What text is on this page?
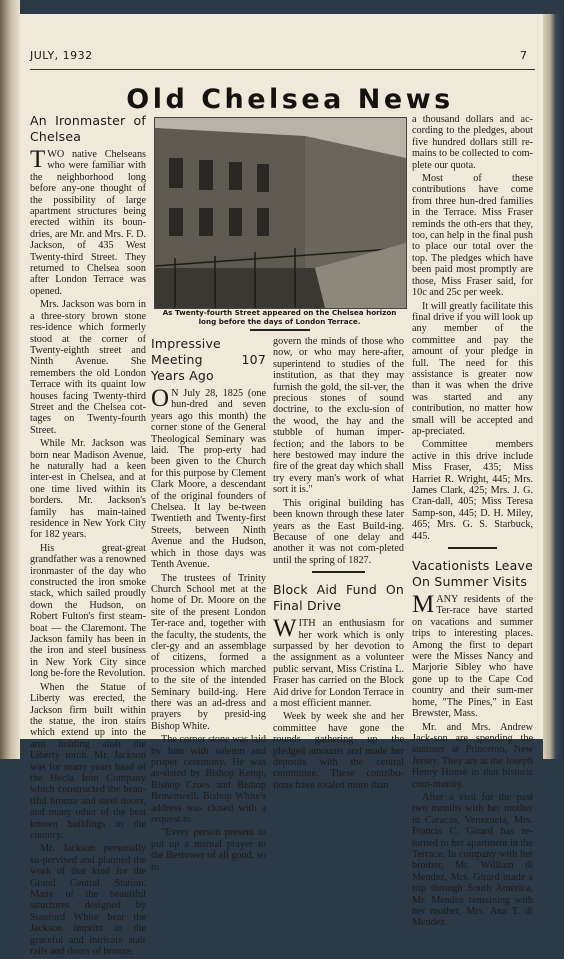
JULY, 1932	7
Old Chelsea News
An Ironmaster of Chelsea

TWO native Chelseans who were familiar with the neighborhood long before any-one thought of the possibility of large apartment structures being erected within its boun-dries, are Mr. and Mrs. F. D. Jackson, of 435 West Twenty-third Street. They returned to Chelsea soon after London Terrace was opened.

Mrs. Jackson was born in a three-story brown stone res-idence which formerly stood at the corner of Twenty-eighth street and Ninth Avenue. She remembers the old London Terrace with its quaint low houses facing Twenty-third Street and the Chelsea cot-tages on Twenty-fourth Street.

While Mr. Jackson was born near Madison Avenue, he naturally had a keen inter-est in Chelsea, and at one time lived within its borders. Mr. Jackson's family has main-tained residence in New York City for 182 years.

His great-great grandfather was a renowned ironmaster of the day who constructed the iron smoke stack, which sailed proudly down the Hudson, on Robert Fulton's first steam-boat — the Claremont. The Jackson family has been in the iron and steel business in New York City since long be-fore the Revolution.

When the Statue of Liberty was erected, the Jackson firm built within the statue, the iron stairs which extend up into the arm holding aloft the Liberty torch. Mr. Jackson was for many years head of the Hecla Iron Company which constructed the beau-tiful bronze and steel doors, and many other of the best known buildings in the country.

Mr. Jackson personally su-pervised and planned the work of that kind for the Grand Central Station. Many of the beautiful structures designed by Stanford White bear the Jackson imprint in the graceful and intricate stair rails and doors of bronze,

As Twenty-fourth Street appeared on the Chelsea horizon long before the days of London Terrace.
Impressive Meeting 107 Years Ago

O N July 28, 1825 (one hun-dred and seven years ago this month) the corner stone of the General Theological Seminary was laid. The prop-erty had been given to the Church for this purpose by Clement Clark Moore, a descendant of the original founders of Chelsea. It lay be-tween Twentieth and Twenty-first Streets, between Ninth Avenue and the Hudson, which in those days was Tenth Avenue.

The trustees of Trinity Church School met at the home of Dr. Moore on the site of the present London Ter-race and, together with the faculty, the students, the cler-gy and an assemblage of citizens, formed a procession which marched to the site of the intended Seminary build-ing. Here there was an ad-dress and prayers by presid-ing Bishop White.

The corner stone was laid by him with solemn and proper ceremony. He was as-sisted by Bishop Kemp, Bishop Croes and Bishop Brownwell. Bishop White's address was closed with a request to

"Every person present to put up a mental prayer to the Bestower of all good, so to

govern the minds of those who now, or who may here-after, superintend to studies of the institution, as that they may furnish the gold, the sil-ver, the precious stones of sound doctrine, to the exclu-sion of the wood, the hay and the stubble of human imper-fection; and the labors to be here bestowed may indure the fire of the great day which shall try every man's work of what sort it is."

This original building has been known through these later years as the East Build-ing. Because of one delay and another it was not com-pleted until the spring of 1827.

Block Aid Fund On Final Drive

WITH an enthusiasm for her work which is only surpassed by her devotion to the assignment as a volunteer public servant, Miss Cristina L. Fraser has carried on the Block Aid drive for London Terrace in a most efficient manner.

Week by week she and her committee have gone the rounds gathering up the pledged amounts and made her deposits with the central committee. These contribu-tions have totaled more than

a thousand dollars and ac-cording to the pledges, about five hundred dollars still re-mains to be collected to com-plete our quota.

Most of these contributions have come from three hun-dred families in the Terrace. Miss Fraser reminds the oth-ers that they, too, can help in the final push to place our total over the top. The pledges which have been paid most promptly are those, Miss Fraser said, for 10c and 25c per week.

It will greatly facilitate this final drive if you will look up any member of the committee and pay the amount of your pledge in full. The need for this assistance is greater now than it was when the drive was started and any contribution, no matter how small will be accepted and ap-preciated.

Committee members active in this drive include Miss Fraser, 435; Miss Harriet R. Wright, 445; Mrs. James Clark, 425; Mrs. J. G. Cran-dall, 405; Miss Teresa Samp-son, 445; D. H. Miley, 465; Mrs. G. S. Starbuck, 445.

Vacationists Leave On Summer Visits

MANY residents of the Ter-race have started on vacations and summer trips to interesting places. Among the first to depart were the Misses Nancy and Marjorie Sibley who have gone up to the Cape Cod country and their sum-mer home, "The Pines," in East Brewster, Mass.

Mr. and Mrs. Andrew Jack-son are spending the summer at Princeton, New Jersey. They are at the Joseph Henry House in that historic com-munity.

After a visit for the past two months with her mother in Caracas, Venezuela, Mrs. Francis C. Girard has re-turned to her apartment in the Terrace. In company with her brother, Mr. William di Mendez, Mrs. Girard made a trip through South America, Mr. Mendez remaining with her mother, Mrs. Ana T. di Mendez.
